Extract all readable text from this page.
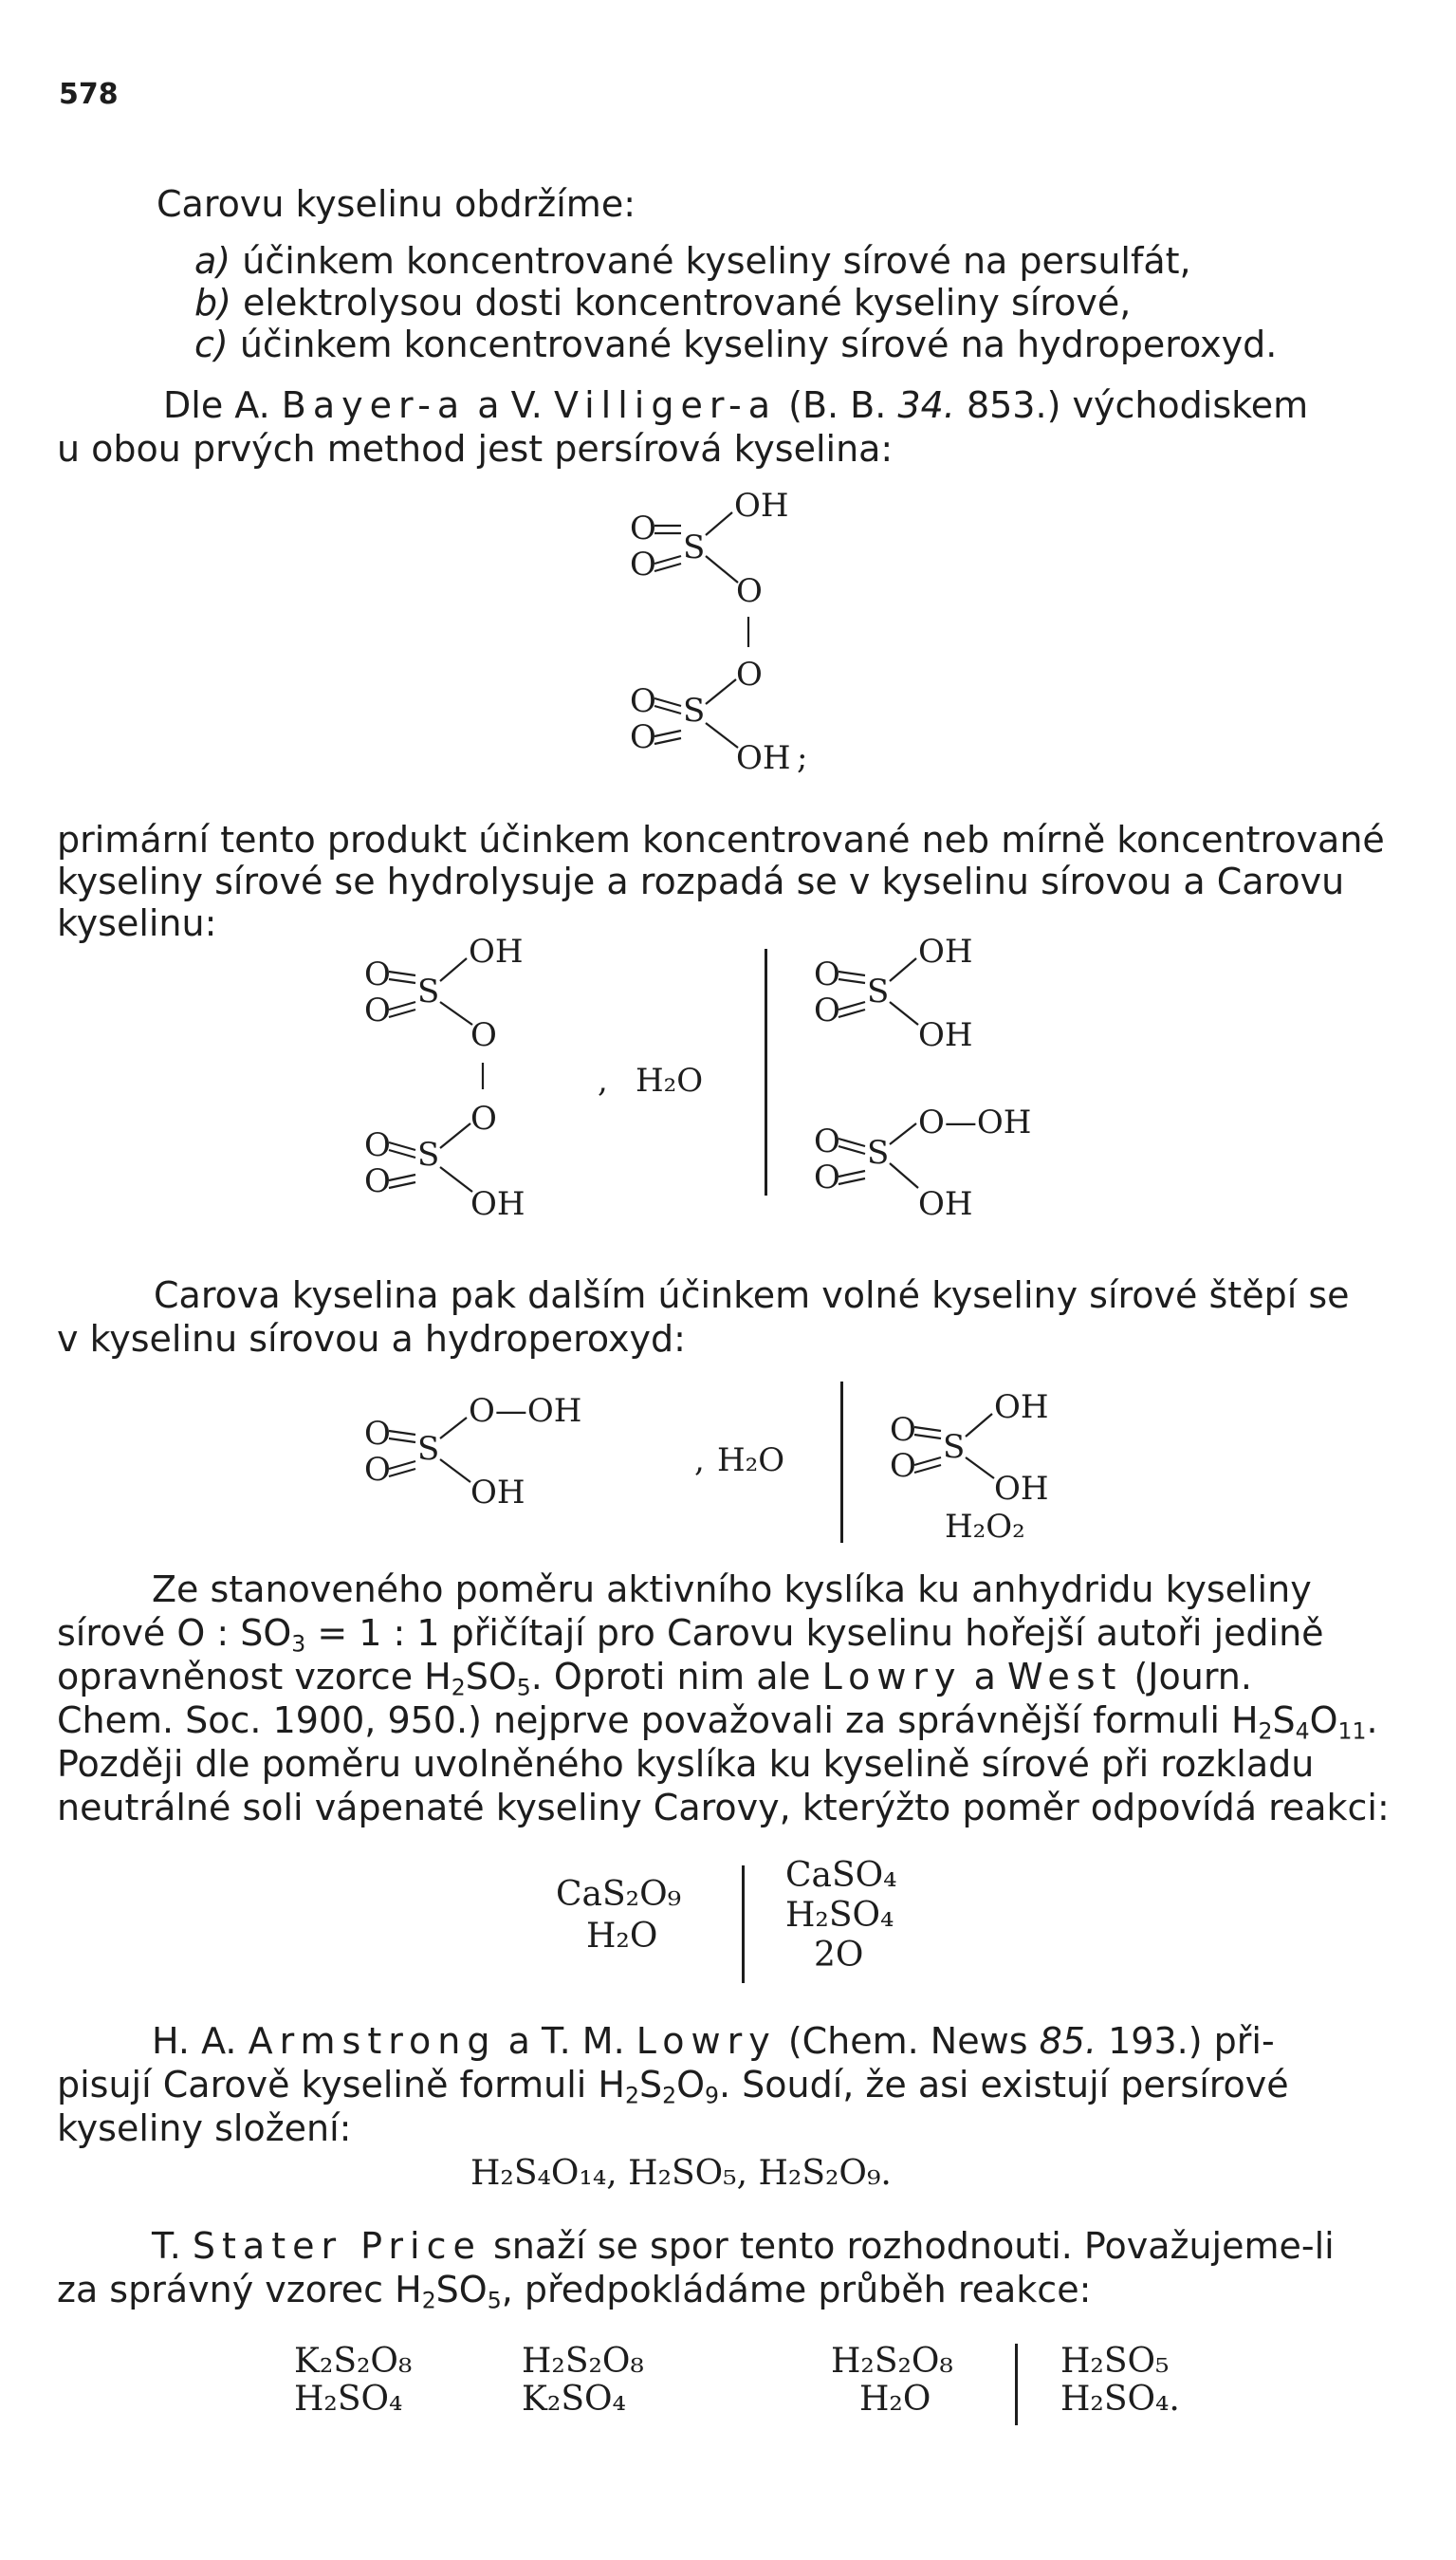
578
Carovu kyselinu obdržíme:
a) účinkem koncentrované kyseliny sírové na persulfát,
b) elektrolysou dosti koncentrované kyseliny sírové,
c) účinkem koncentrované kyseliny sírové na hydroperoxyd.
Dle A. Bayer-a a V. Villiger-a (B. B. 34. 853.) východiskem
u obou prvých method jest persírová kyselina:
O S
O
OH
O
O
O S
O
OH ;
primární tento produkt účinkem koncentrované neb mírně koncentrované
kyseliny sírové se hydrolysuje a rozpadá se v kyselinu sírovou a Carovu
kyselinu:
O S
O
OH
O
O
O S
O
OH
, H₂O
O S
O
OH
OH
O S
O
O—OH
OH
Carova kyselina pak dalším účinkem volné kyseliny sírové štěpí se
v kyselinu sírovou a hydroperoxyd:
O S
O
O—OH
OH
, H₂O
O S
O
OH
OH
H₂O₂
Ze stanoveného poměru aktivního kyslíka ku anhydridu kyseliny
sírové O : $SO_3 = 1$ : 1 přičítají pro Carovu kyselinu hořejší autoři jedině
opravněnost vzorce $H_2SO_5$. Oproti nim ale Lowry a West (Journ.
Chem. Soc. 1900, 950.) nejprve považovali za správnější formuli $H_2S_4O_{11}$.
Později dle poměru uvolněného kyslíka ku kyselině sírové při rozkladu
neutrálné soli vápenaté kyseliny Carovy, kterýžto poměr odpovídá reakci:
CaS₂O₉
H₂O
CaSO₄
H₂SO₄
2O
H. A. Armstrong a T. M. Lowry (Chem. News 85. 193.) při-
pisují Carově kyselině formuli $H_2S_2O_9$. Soudí, že asi existují persírové
kyseliny složení:
H₂S₄O₁₄, H₂SO₅, H₂S₂O₉.
T. Stater Price snaží se spor tento rozhodnouti. Považujeme-li
za správný vzorec $H_2SO_5$, předpokládáme průběh reakce:
K₂S₂O₈
H₂SO₄
H₂S₂O₈
K₂SO₄
H₂S₂O₈
H₂O
H₂SO₅
H₂SO₄.
